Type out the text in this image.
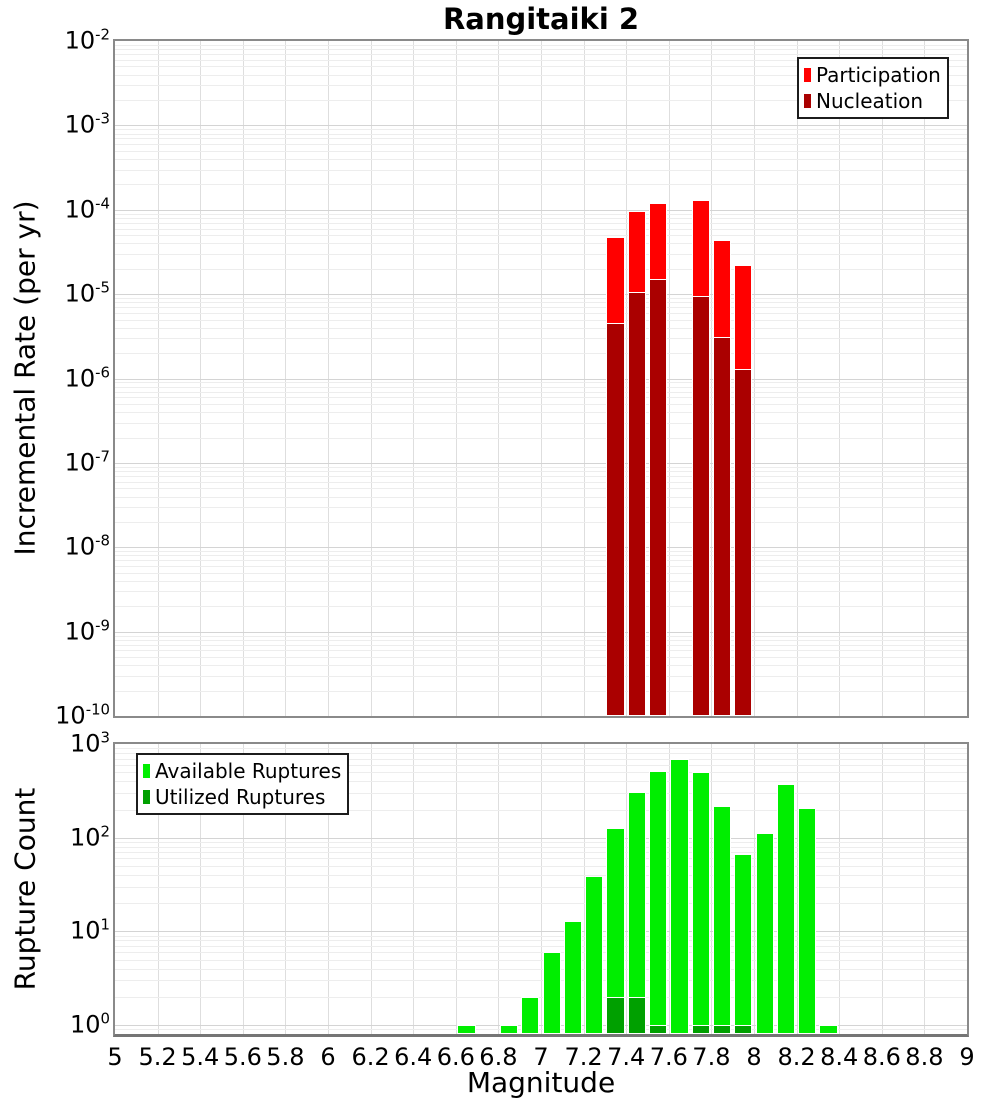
Rangitaiki 2
Incremental Rate (per yr)
Rupture Count
Magnitude
Participation
Nucleation
Available Ruptures
Utilized Ruptures
$10^{-2}$
$10^{-3}$
$10^{-4}$
$10^{-5}$
$10^{-6}$
$10^{-7}$
$10^{-8}$
$10^{-9}$
$10^{-10}$
$10^3$
$10^2$
$10^1$
$10^0$
5 5.2 5.4 5.6 5.8 6 6.2 6.4 6.6 6.8 7 7.2 7.4 7.6 7.8 8 8.2 8.4 8.6 8.8 9
